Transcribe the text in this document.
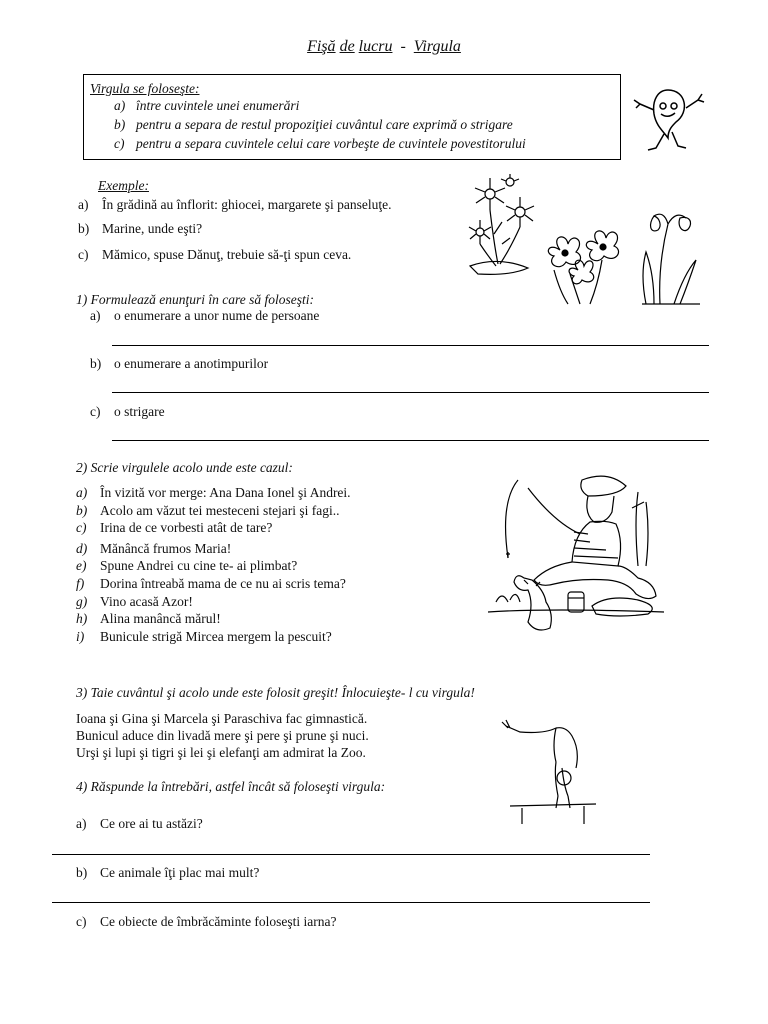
Fişă de lucru - Virgula
Virgula se foloseşte:
a) între cuvintele unei enumerări
b) pentru a separa de restul propoziţiei cuvântul care exprimă o strigare
c) pentru a separa cuvintele celui care vorbeşte de cuvintele povestitorului
Exemple:
a) În grădină au înflorit: ghiocei, margarete şi panseluţe.
b) Marine, unde eşti?
c) Mămico, spuse Dănuţ, trebuie să-ţi spun ceva.
1) Formulează enunţuri în care să foloseşti:
a) o enumerare a unor nume de persoane
b) o enumerare a anotimpurilor
c) o strigare
2) Scrie virgulele acolo unde este cazul:
a) În vizită vor merge: Ana Dana Ionel şi Andrei.
b) Acolo am văzut tei mesteceni stejari şi fagi..
c) Irina de ce vorbesti atât de tare?
d) Mănâncă frumos Maria!
e) Spune Andrei cu cine te- ai plimbat?
f) Dorina întreabă mama de ce nu ai scris tema?
g) Vino acasă Azor!
h) Alina manâncă mărul!
i) Bunicule strigă Mircea mergem la pescuit?
3) Taie cuvântul şi acolo unde este folosit greşit! Înlocuieşte- l cu virgula!
Ioana şi Gina şi Marcela şi Paraschiva fac gimnastică.
Bunicul aduce din livadă mere şi pere şi prune şi nuci.
Urşi şi lupi şi tigri şi lei şi elefanţi am admirat la Zoo.
4) Răspunde la întrebări, astfel încât să foloseşti virgula:
a) Ce ore ai tu astăzi?
b) Ce animale îţi plac mai mult?
c) Ce obiecte de îmbrăcăminte foloseşti iarna?
